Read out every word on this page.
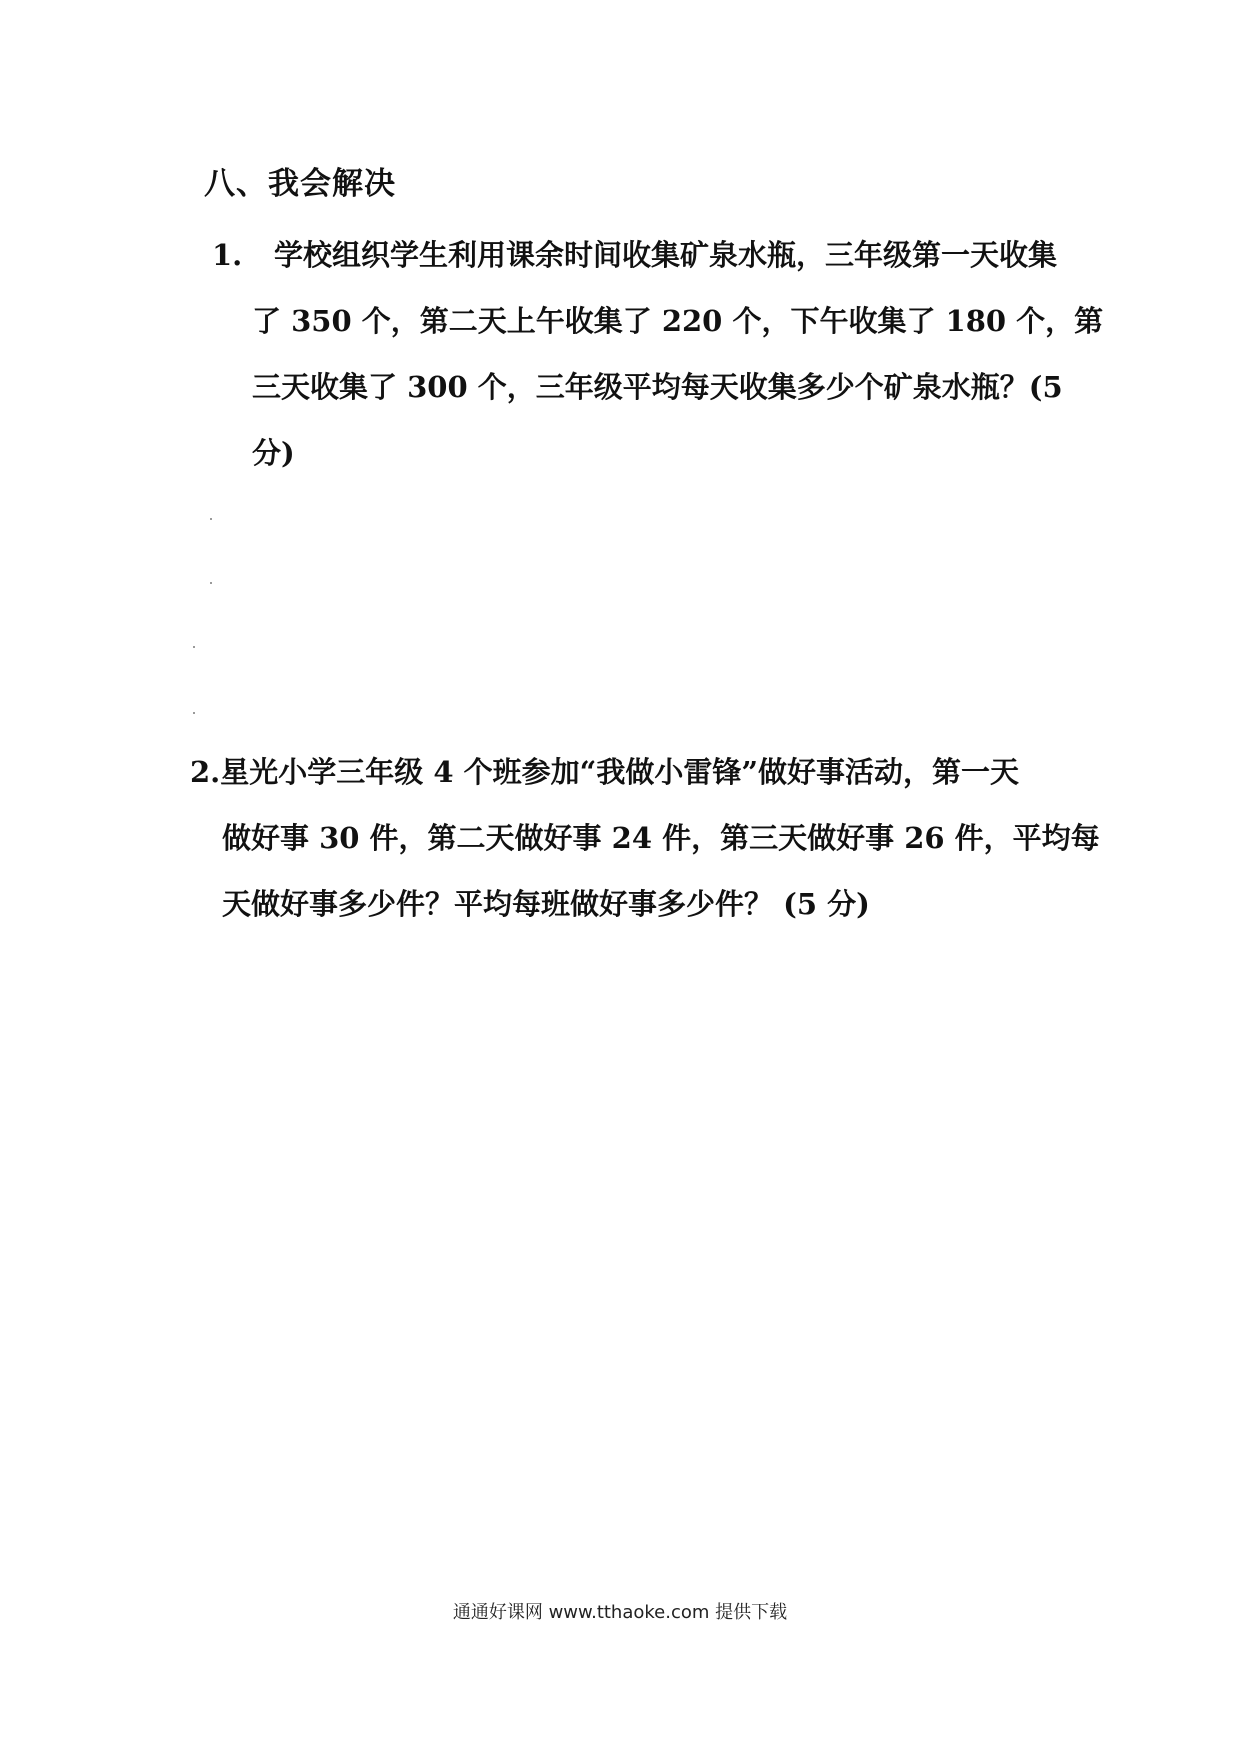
八、我会解决
1. 学校组织学生利用课余时间收集矿泉水瓶，三年级第一天收集
了 350 个，第二天上午收集了 220 个，下午收集了 180 个，第
三天收集了 300 个，三年级平均每天收集多少个矿泉水瓶？(5
分)
2.星光小学三年级 4 个班参加“我做小雷锋”做好事活动，第一天
做好事 30 件，第二天做好事 24 件，第三天做好事 26 件，平均每
天做好事多少件？平均每班做好事多少件？ (5 分)
通通好课网 www.tthaoke.com 提供下载
